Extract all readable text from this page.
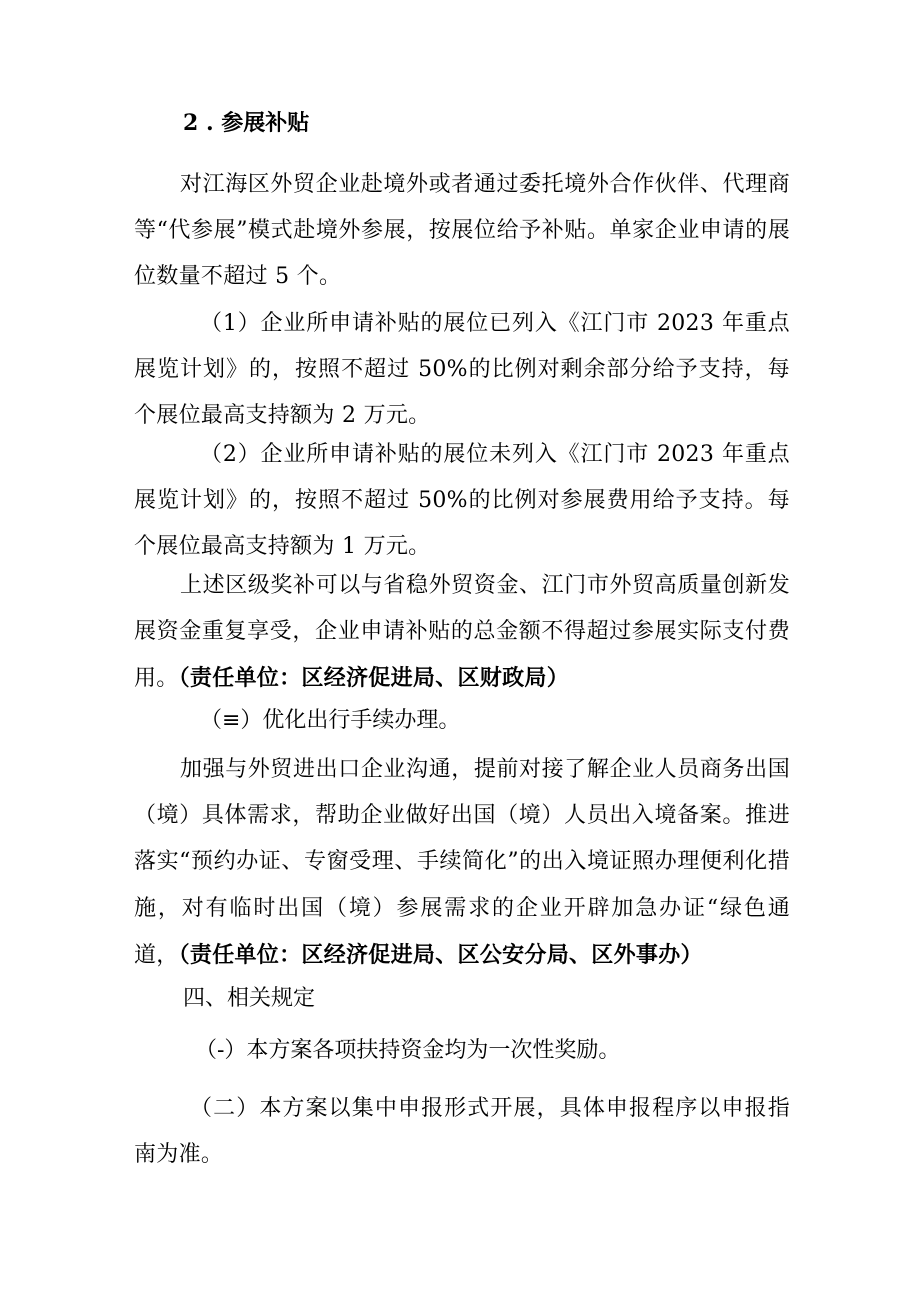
2 . 参展补贴

对江海区外贸企业赴境外或者通过委托境外合作伙伴、代理商等“代参展”模式赴境外参展，按展位给予补贴。单家企业申请的展位数量不超过 5 个。

（1）企业所申请补贴的展位已列入《江门市 2023 年重点展览计划》的，按照不超过 50%的比例对剩余部分给予支持，每个展位最高支持额为 2 万元。

（2）企业所申请补贴的展位未列入《江门市 2023 年重点展览计划》的，按照不超过 50%的比例对参展费用给予支持。每个展位最高支持额为 1 万元。

上述区级奖补可以与省稳外贸资金、江门市外贸高质量创新发展资金重复享受，企业申请补贴的总金额不得超过参展实际支付费用。（责任单位：区经济促进局、区财政局）

（≡）优化出行手续办理。

加强与外贸进出口企业沟通，提前对接了解企业人员商务出国（境）具体需求，帮助企业做好出国（境）人员出入境备案。推进落实“预约办证、专窗受理、手续简化”的出入境证照办理便利化措施，对有临时出国（境）参展需求的企业开辟加急办证“绿色通道，（责任单位：区经济促进局、区公安分局、区外事办）

四、相关规定
（-）本方案各项扶持资金均为一次性奖励。

（二）本方案以集中申报形式开展，具体申报程序以申报指南为准。
